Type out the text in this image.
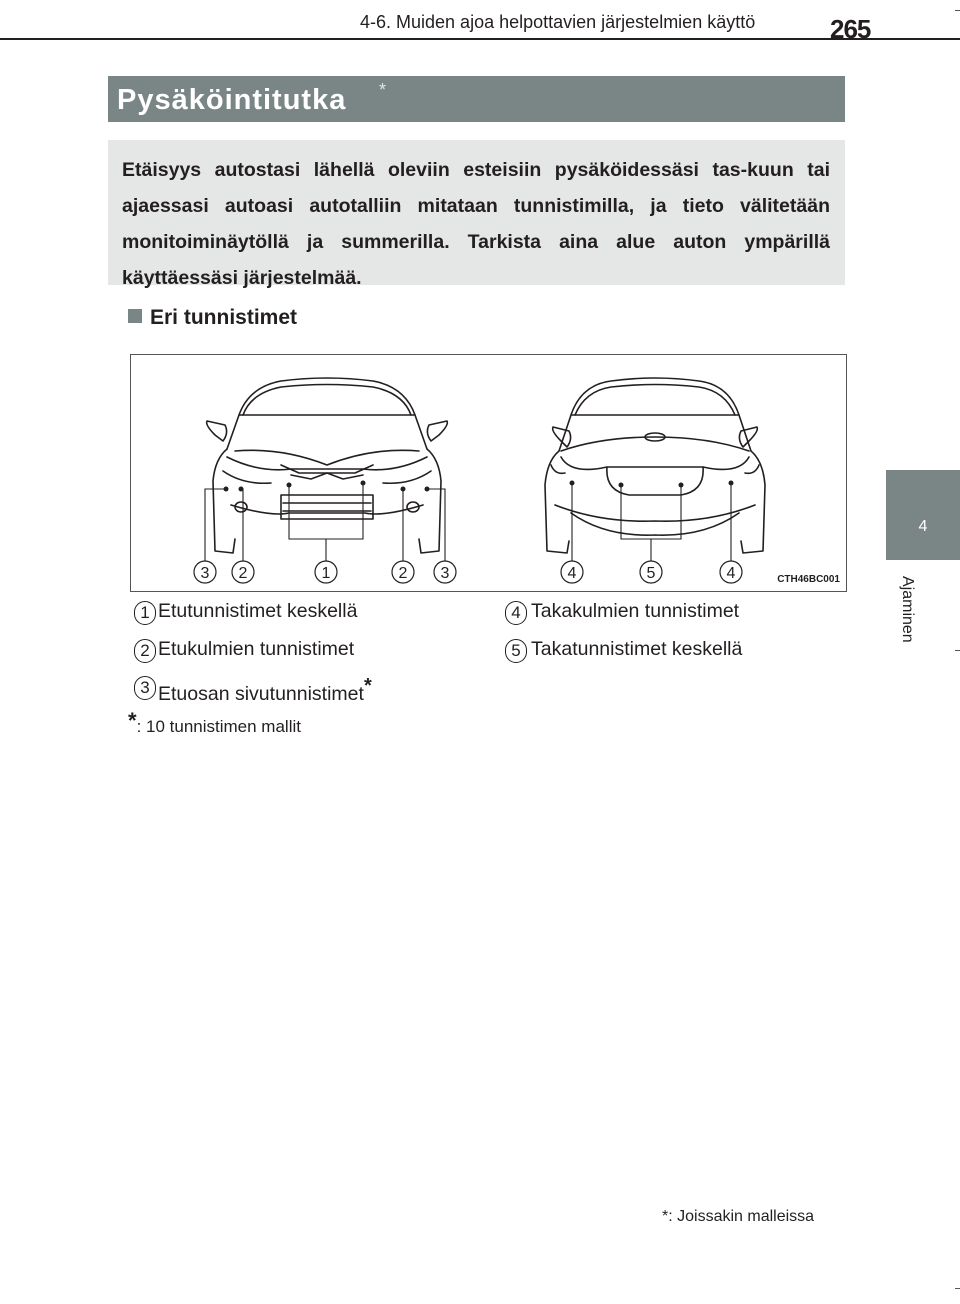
4-6. Muiden ajoa helpottavien järjestelmien käyttö	265
4
Ajaminen
Pysäköintitutka *
Etäisyys autostasi lähellä oleviin esteisiin pysäköidessäsi tas-kuun tai ajaessasi autoasi autotalliin mitataan tunnistimilla, ja tieto välitetään monitoiminäytöllä ja summerilla. Tarkista aina alue auton ympärillä käyttäessäsi järjestelmää.
Eri tunnistimet
3 2	1	2 3	4	5	4	CTH46BC001
1 Etutunnistimet keskellä
2 Etukulmien tunnistimet
3 Etuosan sivutunnistimet*
4 Takakulmien tunnistimet
5 Takatunnistimet keskellä
*: 10 tunnistimen mallit
*: Joissakin malleissa
